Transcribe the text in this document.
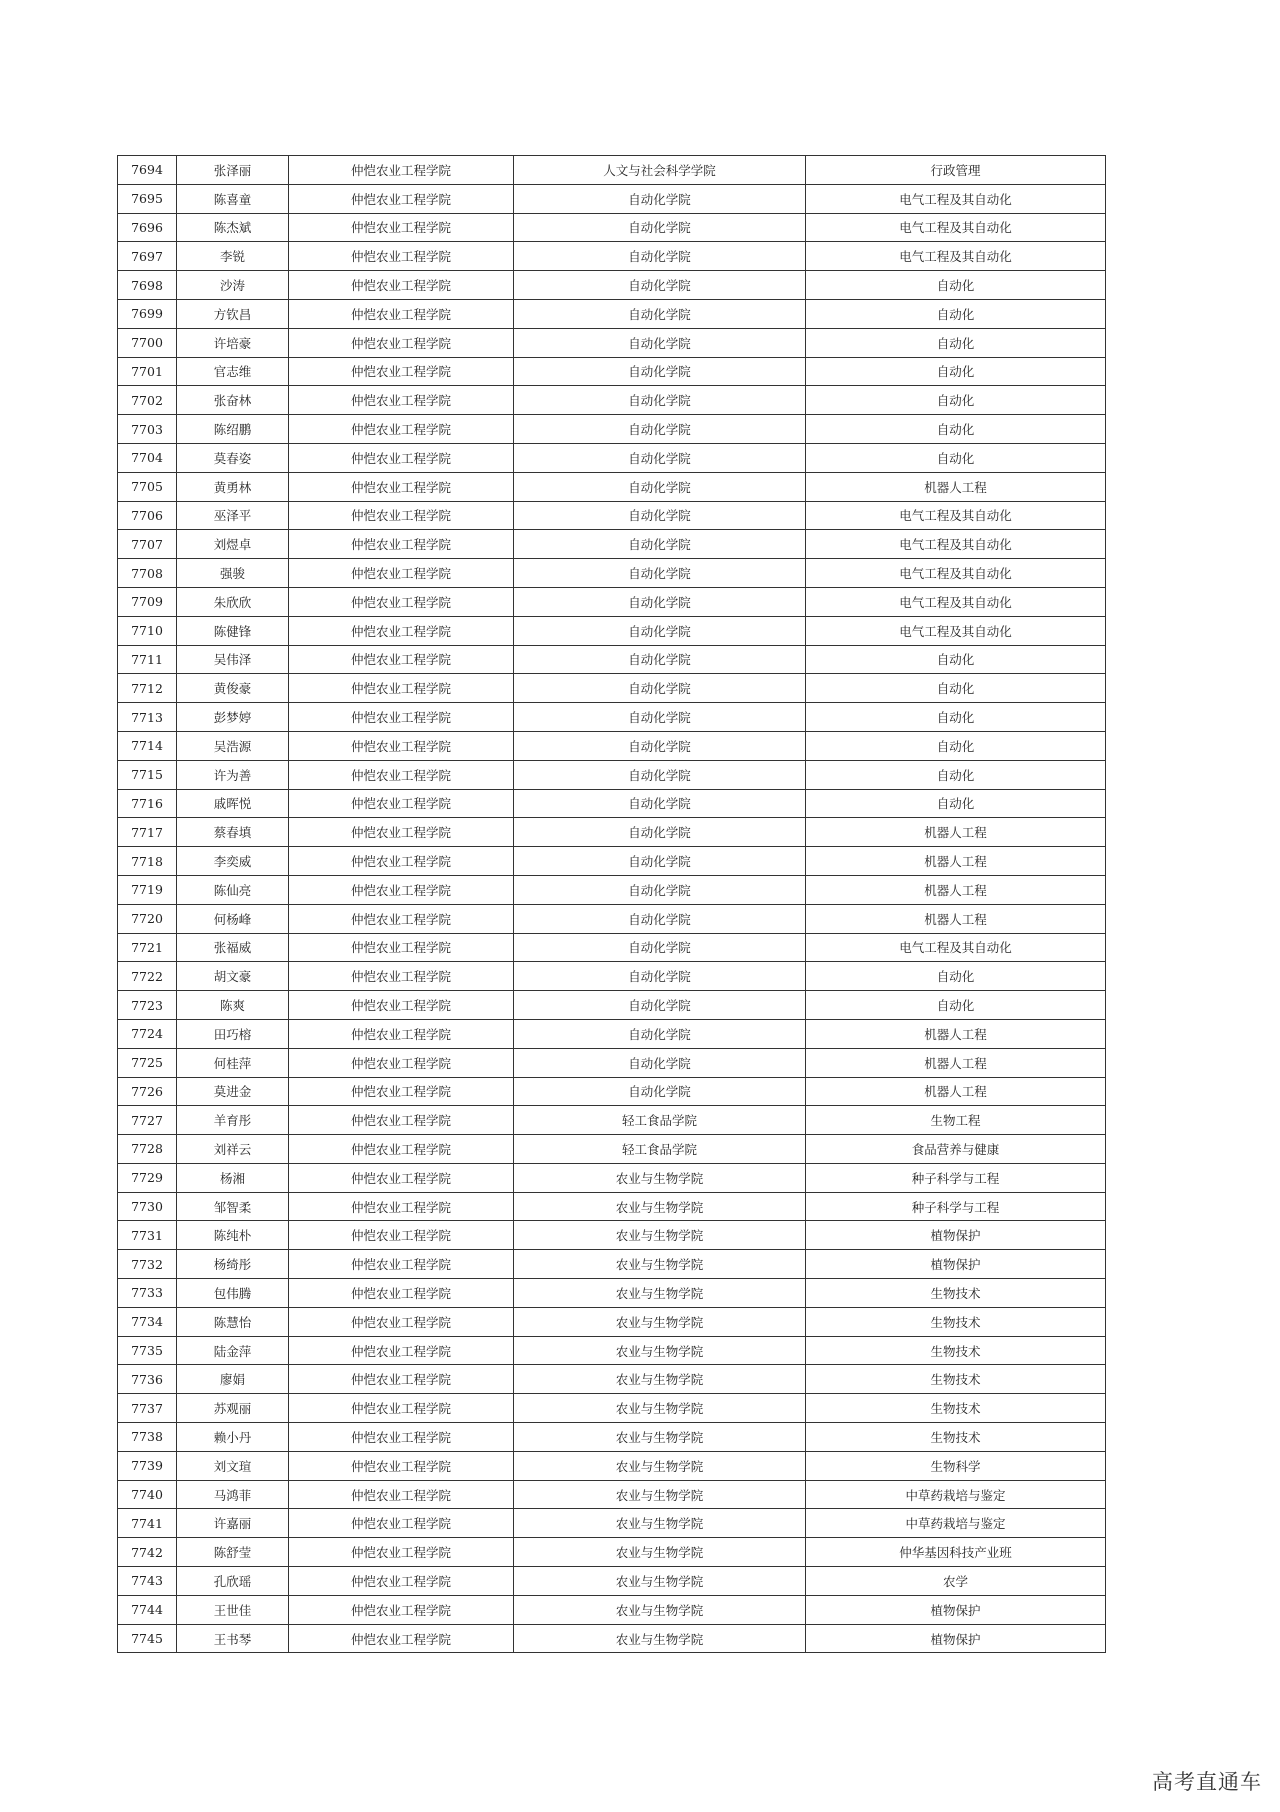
7694	张泽丽	仲恺农业工程学院	人文与社会科学学院	行政管理
7695	陈喜童	仲恺农业工程学院	自动化学院	电气工程及其自动化
7696	陈杰斌	仲恺农业工程学院	自动化学院	电气工程及其自动化
7697	李锐	仲恺农业工程学院	自动化学院	电气工程及其自动化
7698	沙涛	仲恺农业工程学院	自动化学院	自动化
7699	方钦昌	仲恺农业工程学院	自动化学院	自动化
7700	许培豪	仲恺农业工程学院	自动化学院	自动化
7701	官志维	仲恺农业工程学院	自动化学院	自动化
7702	张奋林	仲恺农业工程学院	自动化学院	自动化
7703	陈绍鹏	仲恺农业工程学院	自动化学院	自动化
7704	莫春姿	仲恺农业工程学院	自动化学院	自动化
7705	黄勇林	仲恺农业工程学院	自动化学院	机器人工程
7706	巫泽平	仲恺农业工程学院	自动化学院	电气工程及其自动化
7707	刘煜卓	仲恺农业工程学院	自动化学院	电气工程及其自动化
7708	强骏	仲恺农业工程学院	自动化学院	电气工程及其自动化
7709	朱欣欣	仲恺农业工程学院	自动化学院	电气工程及其自动化
7710	陈健锋	仲恺农业工程学院	自动化学院	电气工程及其自动化
7711	吴伟泽	仲恺农业工程学院	自动化学院	自动化
7712	黄俊豪	仲恺农业工程学院	自动化学院	自动化
7713	彭梦婷	仲恺农业工程学院	自动化学院	自动化
7714	吴浩源	仲恺农业工程学院	自动化学院	自动化
7715	许为善	仲恺农业工程学院	自动化学院	自动化
7716	戚晖悦	仲恺农业工程学院	自动化学院	自动化
7717	蔡春填	仲恺农业工程学院	自动化学院	机器人工程
7718	李奕威	仲恺农业工程学院	自动化学院	机器人工程
7719	陈仙亮	仲恺农业工程学院	自动化学院	机器人工程
7720	何杨峰	仲恺农业工程学院	自动化学院	机器人工程
7721	张福威	仲恺农业工程学院	自动化学院	电气工程及其自动化
7722	胡文豪	仲恺农业工程学院	自动化学院	自动化
7723	陈爽	仲恺农业工程学院	自动化学院	自动化
7724	田巧榕	仲恺农业工程学院	自动化学院	机器人工程
7725	何桂萍	仲恺农业工程学院	自动化学院	机器人工程
7726	莫进金	仲恺农业工程学院	自动化学院	机器人工程
7727	羊育彤	仲恺农业工程学院	轻工食品学院	生物工程
7728	刘祥云	仲恺农业工程学院	轻工食品学院	食品营养与健康
7729	杨湘	仲恺农业工程学院	农业与生物学院	种子科学与工程
7730	邹智柔	仲恺农业工程学院	农业与生物学院	种子科学与工程
7731	陈纯朴	仲恺农业工程学院	农业与生物学院	植物保护
7732	杨绮彤	仲恺农业工程学院	农业与生物学院	植物保护
7733	包伟腾	仲恺农业工程学院	农业与生物学院	生物技术
7734	陈慧怡	仲恺农业工程学院	农业与生物学院	生物技术
7735	陆金萍	仲恺农业工程学院	农业与生物学院	生物技术
7736	廖娟	仲恺农业工程学院	农业与生物学院	生物技术
7737	苏观丽	仲恺农业工程学院	农业与生物学院	生物技术
7738	赖小丹	仲恺农业工程学院	农业与生物学院	生物技术
7739	刘文瑄	仲恺农业工程学院	农业与生物学院	生物科学
7740	马鸿菲	仲恺农业工程学院	农业与生物学院	中草药栽培与鉴定
7741	许嘉丽	仲恺农业工程学院	农业与生物学院	中草药栽培与鉴定
7742	陈舒莹	仲恺农业工程学院	农业与生物学院	仲华基因科技产业班
7743	孔欣瑶	仲恺农业工程学院	农业与生物学院	农学
7744	王世佳	仲恺农业工程学院	农业与生物学院	植物保护
7745	王书琴	仲恺农业工程学院	农业与生物学院	植物保护
高考直通车
